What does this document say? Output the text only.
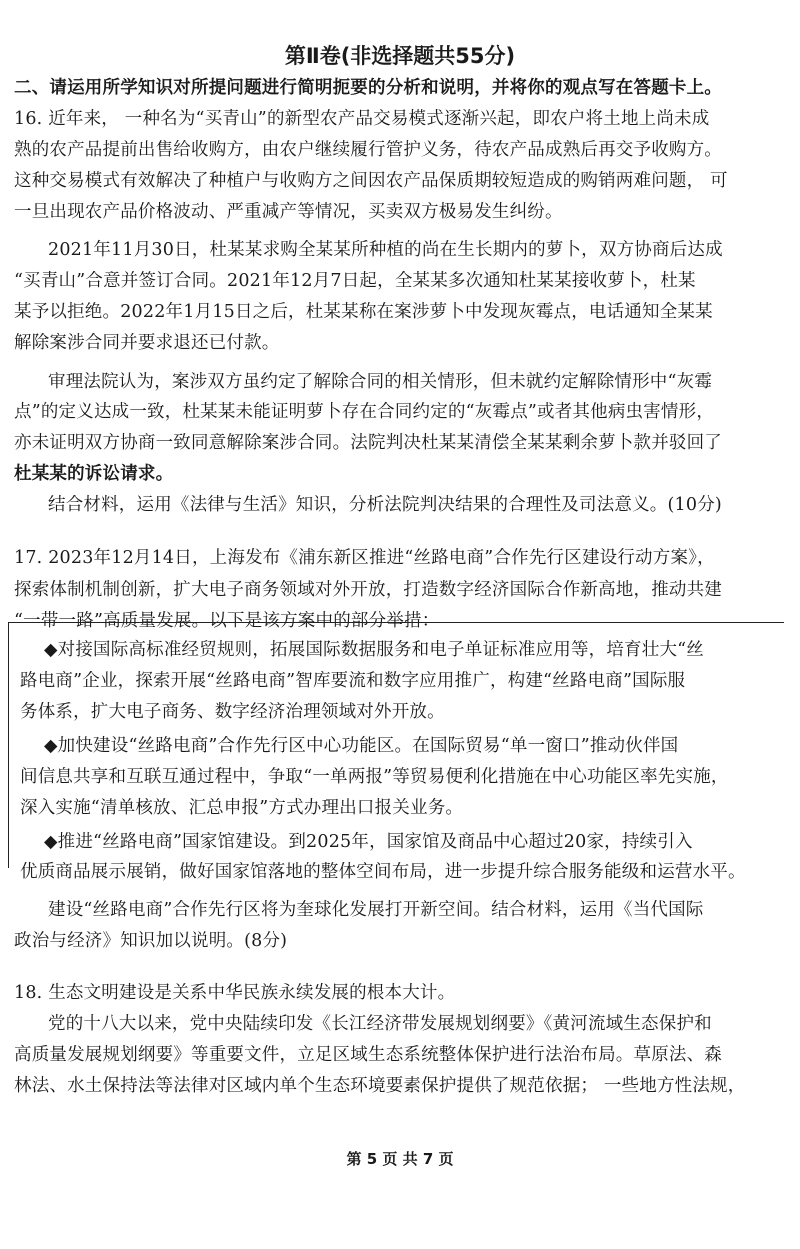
第Ⅱ卷(非选择题共55分)
二、请运用所学知识对所提问题进行简明扼要的分析和说明，并将你的观点写在答题卡上。
16. 近年来， 一种名为“买青山”的新型农产品交易模式逐渐兴起，即农户将土地上尚未成
熟的农产品提前出售给收购方，由农户继续履行管护义务，待农产品成熟后再交予收购方。
这种交易模式有效解决了种植户与收购方之间因农产品保质期较短造成的购销两难问题， 可
一旦出现农产品价格波动、严重减产等情况，买卖双方极易发生纠纷。
2021年11月30日，杜某某求购全某某所种植的尚在生长期内的萝卜，双方协商后达成
“买青山”合意并签订合同。2021年12月7日起，全某某多次通知杜某某接收萝卜，杜某
某予以拒绝。2022年1月15日之后，杜某某称在案涉萝卜中发现灰霉点，电话通知全某某
解除案涉合同并要求退还已付款。
审理法院认为，案涉双方虽约定了解除合同的相关情形，但未就约定解除情形中“灰霉
点”的定义达成一致，杜某某未能证明萝卜存在合同约定的“灰霉点”或者其他病虫害情形，
亦未证明双方协商一致同意解除案涉合同。法院判决杜某某清偿全某某剩余萝卜款并驳回了
杜某某的诉讼请求。
结合材料，运用《法律与生活》知识，分析法院判决结果的合理性及司法意义。(10分)
17. 2023年12月14日，上海发布《浦东新区推进“丝路电商”合作先行区建设行动方案》，
探索体制机制创新，扩大电子商务领域对外开放，打造数字经济国际合作新高地，推动共建
“一带一路”高质量发展。以下是该方案中的部分举措：
◆对接国际高标准经贸规则，拓展国际数据服务和电子单证标准应用等，培育壮大“丝
路电商”企业，探索开展“丝路电商”智库要流和数字应用推广，构建“丝路电商”国际服
务体系，扩大电子商务、数字经济治理领域对外开放。
◆加快建设“丝路电商”合作先行区中心功能区。在国际贸易“单一窗口”推动伙伴国
间信息共享和互联互通过程中，争取“一单两报”等贸易便利化措施在中心功能区率先实施，
深入实施“清单核放、汇总申报”方式办理出口报关业务。
◆推进“丝路电商”国家馆建设。到2025年，国家馆及商品中心超过20家，持续引入
优质商品展示展销，做好国家馆落地的整体空间布局，进一步提升综合服务能级和运营水平。
建设“丝路电商”合作先行区将为奎球化发展打开新空间。结合材料，运用《当代国际
政治与经济》知识加以说明。(8分)
18. 生态文明建设是关系中华民族永续发展的根本大计。
党的十八大以来，党中央陆续印发《长江经济带发展规划纲要》《黄河流域生态保护和
高质量发展规划纲要》等重要文件，立足区域生态系统整体保护进行法治布局。草原法、森
林法、水土保持法等法律对区域内单个生态环境要素保护提供了规范依据； 一些地方性法规，
第 5 页 共 7 页
